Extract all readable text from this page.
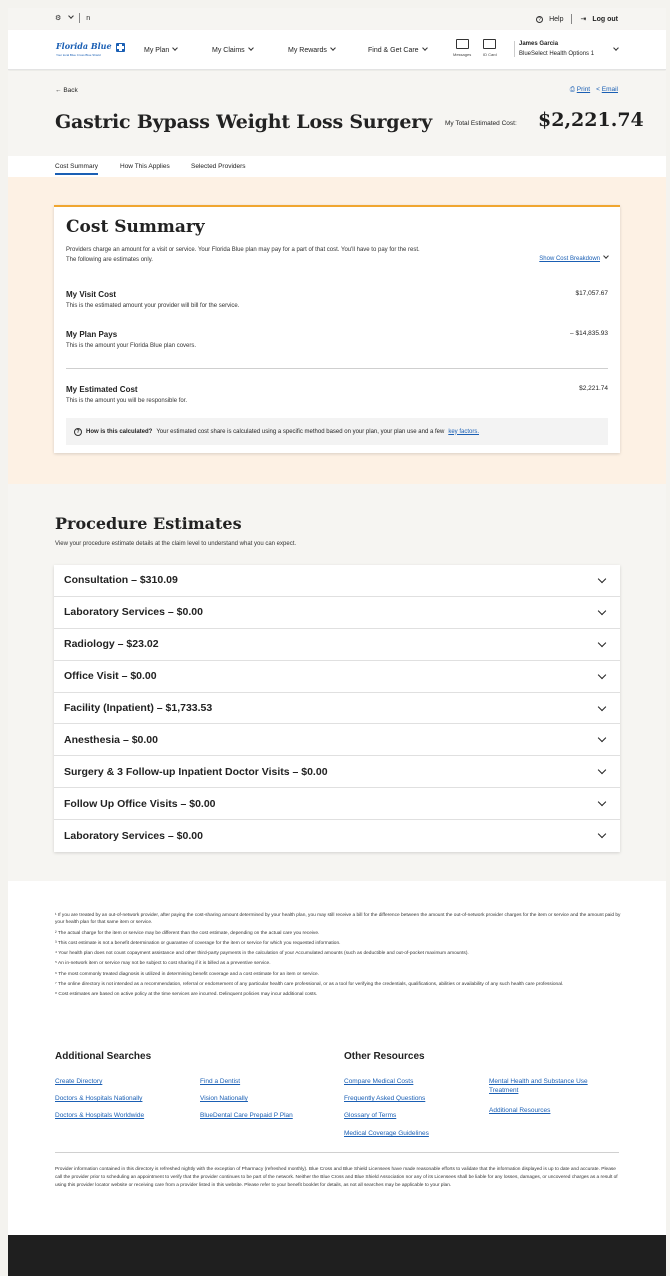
⚙	n	?	Help ⇥ Log out
Florida Blue
Your local Blue Cross Blue Shield
My Plan	My Claims	My Rewards	Find & Get Care
Messages	ID Card
James Garcia
BlueSelect Health Options 1
← Back
Gastric Bypass Weight Loss Surgery
⎙ Print < Email
My Total Estimated Cost: $2,221.74
Cost Summary	How This Applies	Selected Providers
Cost Summary
Providers charge an amount for a visit or service. Your Florida Blue plan may pay for a part of that cost. You'll have to pay for the rest.
The following are estimates only.	Show Cost Breakdown
My Visit Cost
This is the estimated amount your provider will bill for the service.
$17,057.67
My Plan Pays
This is the amount your Florida Blue plan covers.
– $14,835.93
My Estimated Cost
This is the amount you will be responsible for.
$2,221.74
?	How is this calculated? Your estimated cost share is calculated using a specific method based on your plan, your plan use and a few key factors.
Procedure Estimates
View your procedure estimate details at the claim level to understand what you can expect.
Consultation – $310.09
Laboratory Services – $0.00
Radiology – $23.02
Office Visit – $0.00
Facility (Inpatient) – $1,733.53
Anesthesia – $0.00
Surgery & 3 Follow-up Inpatient Doctor Visits – $0.00
Follow Up Office Visits – $0.00
Laboratory Services – $0.00

¹ If you are treated by an out-of-network provider, after paying the cost-sharing amount determined by your health plan, you may still receive a bill for the difference between the amount the out-of-network provider charges for the item or service and the amount paid by your health plan for that same item or service.

² The actual charge for the item or service may be different than the cost estimate, depending on the actual care you receive.

³ This cost estimate is not a benefit determination or guarantee of coverage for the item or service for which you requested information.

⁴ Your health plan does not count copayment assistance and other third-party payments in the calculation of your Accumulated amounts (such as deductible and out-of-pocket maximum amounts).

⁵ An in-network item or service may not be subject to cost sharing if it is billed as a preventive service.

⁶ The most commonly treated diagnosis is utilized in determining benefit coverage and a cost estimate for an item or service.

⁷ The online directory is not intended as a recommendation, referral or endorsement of any particular health care professional, or as a tool for verifying the credentials, qualifications, abilities or availability of any such health care professional.

⁸ Cost estimates are based on active policy at the time services are incurred. Delinquent policies may incur additional costs.

Additional Searches
Create Directory
Doctors & Hospitals Nationally
Doctors & Hospitals Worldwide
Find a Dentist
Vision Nationally
BlueDental Care Prepaid P Plan
Other Resources
Compare Medical Costs
Frequently Asked Questions
Glossary of Terms
Medical Coverage Guidelines
Mental Health and Substance Use Treatment
Additional Resources
Provider information contained in this directory is refreshed nightly with the exception of Pharmacy (refreshed monthly). Blue Cross and Blue Shield Licensees have made reasonable efforts to validate that the information displayed is up to date and accurate. Please call the provider prior to scheduling an appointment to verify that the provider continues to be part of the network. Neither the Blue Cross and Blue Shield Association nor any of its Licensees shall be liable for any losses, damages, or uncovered charges as a result of using this provider locator website or receiving care from a provider listed in this website. Please refer to your benefit booklet for details, as not all searches may be applicable to your plan.
